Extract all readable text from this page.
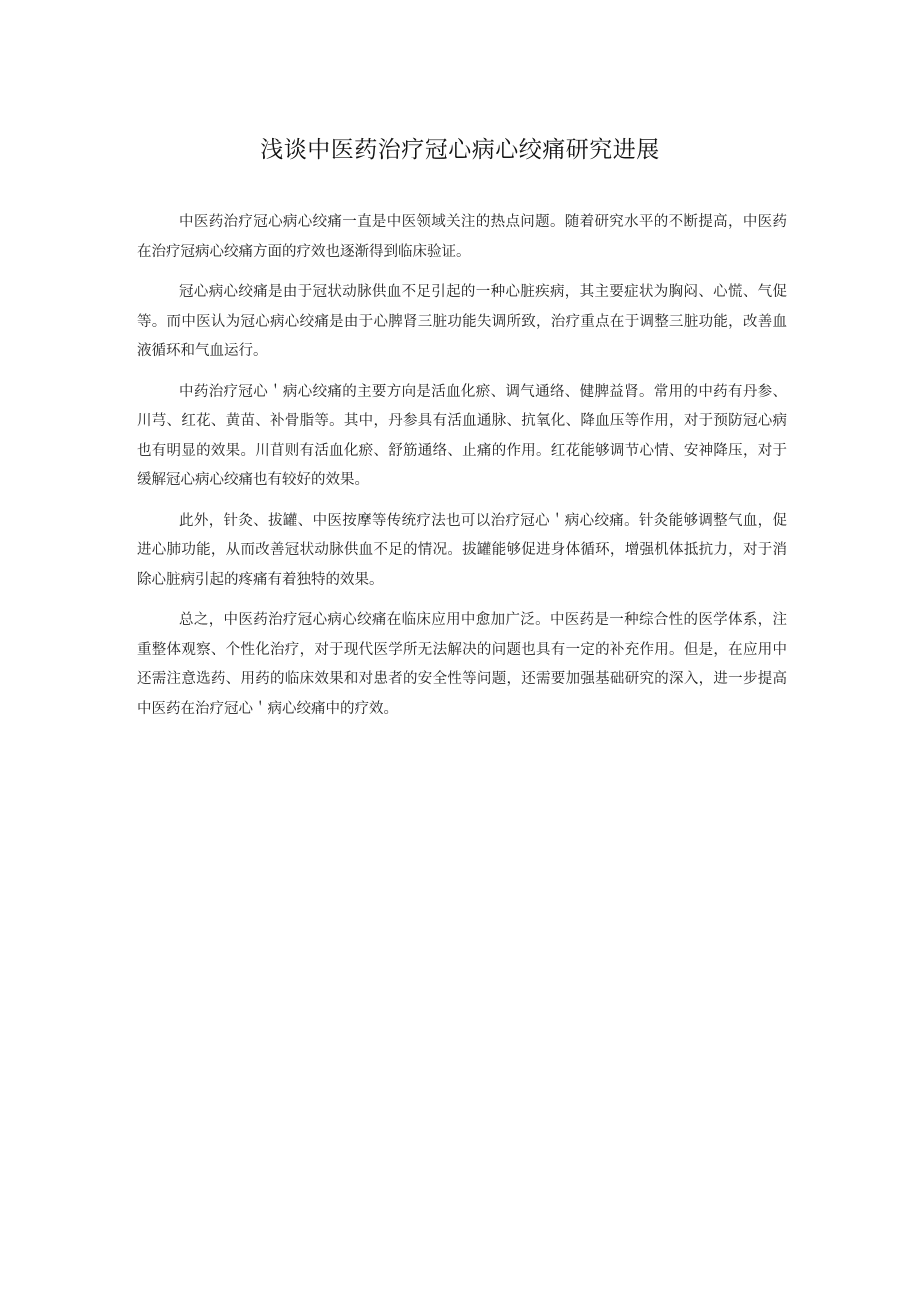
浅谈中医药治疗冠心病心绞痛研究进展

中医药治疗冠心病心绞痛一直是中医领域关注的热点问题。随着研究水平的不断提高，中医药在治疗冠病心绞痛方面的疗效也逐渐得到临床验证。

冠心病心绞痛是由于冠状动脉供血不足引起的一种心脏疾病，其主要症状为胸闷、心慌、气促等。而中医认为冠心病心绞痛是由于心脾肾三脏功能失调所致，治疗重点在于调整三脏功能，改善血液循环和气血运行。

中药治疗冠心＇病心绞痛的主要方向是活血化瘀、调气通络、健脾益肾。常用的中药有丹参、川芎、红花、黄苗、补骨脂等。其中，丹参具有活血通脉、抗氧化、降血压等作用，对于预防冠心病也有明显的效果。川苜则有活血化瘀、舒筋通络、止痛的作用。红花能够调节心情、安神降压，对于缓解冠心病心绞痛也有较好的效果。

此外，针灸、拔罐、中医按摩等传统疗法也可以治疗冠心＇病心绞痛。针灸能够调整气血，促进心肺功能，从而改善冠状动脉供血不足的情况。拔罐能够促进身体循环，增强机体抵抗力，对于消除心脏病引起的疼痛有着独特的效果。

总之，中医药治疗冠心病心绞痛在临床应用中愈加广泛。中医药是一种综合性的医学体系，注重整体观察、个性化治疗，对于现代医学所无法解决的问题也具有一定的补充作用。但是，在应用中还需注意选药、用药的临床效果和对患者的安全性等问题，还需要加强基础研究的深入，进一步提高中医药在治疗冠心＇病心绞痛中的疗效。
